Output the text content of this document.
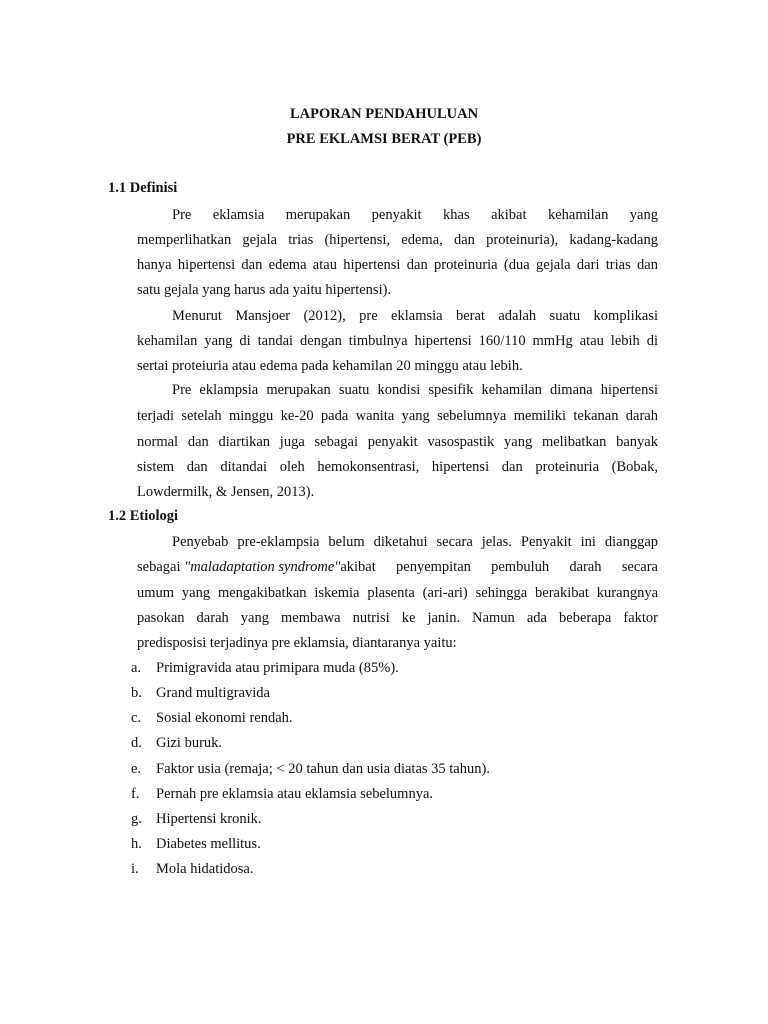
LAPORAN PENDAHULUAN
PRE EKLAMSI BERAT (PEB)
1.1 Definisi
Pre eklamsia merupakan penyakit khas akibat kehamilan yang
memperlihatkan gejala trias (hipertensi, edema, dan proteinuria), kadang-kadang
hanya hipertensi dan edema atau hipertensi dan proteinuria (dua gejala dari trias dan
satu gejala yang harus ada yaitu hipertensi).
Menurut Mansjoer (2012), pre eklamsia berat adalah suatu komplikasi
kehamilan yang di tandai dengan timbulnya hipertensi 160/110 mmHg atau lebih di
sertai proteiuria atau edema pada kehamilan 20 minggu atau lebih.
Pre eklampsia merupakan suatu kondisi spesifik kehamilan dimana hipertensi
terjadi setelah minggu ke-20 pada wanita yang sebelumnya memiliki tekanan darah
normal dan diartikan juga sebagai penyakit vasospastik yang melibatkan banyak
sistem dan ditandai oleh hemokonsentrasi, hipertensi dan proteinuria (Bobak,
Lowdermilk, & Jensen, 2013).
1.2 Etiologi
Penyebab pre-eklampsia belum diketahui secara jelas. Penyakit ini dianggap
sebagai "maladaptation syndrome" akibat penyempitan pembuluh darah secara
umum yang mengakibatkan iskemia plasenta (ari-ari) sehingga berakibat kurangnya
pasokan darah yang membawa nutrisi ke janin. Namun ada beberapa faktor
predisposisi terjadinya pre eklamsia, diantaranya yaitu:
a. Primigravida atau primipara muda (85%).
b. Grand multigravida
c. Sosial ekonomi rendah.
d. Gizi buruk.
e. Faktor usia (remaja; < 20 tahun dan usia diatas 35 tahun).
f. Pernah pre eklamsia atau eklamsia sebelumnya.
g. Hipertensi kronik.
h. Diabetes mellitus.
i. Mola hidatidosa.
